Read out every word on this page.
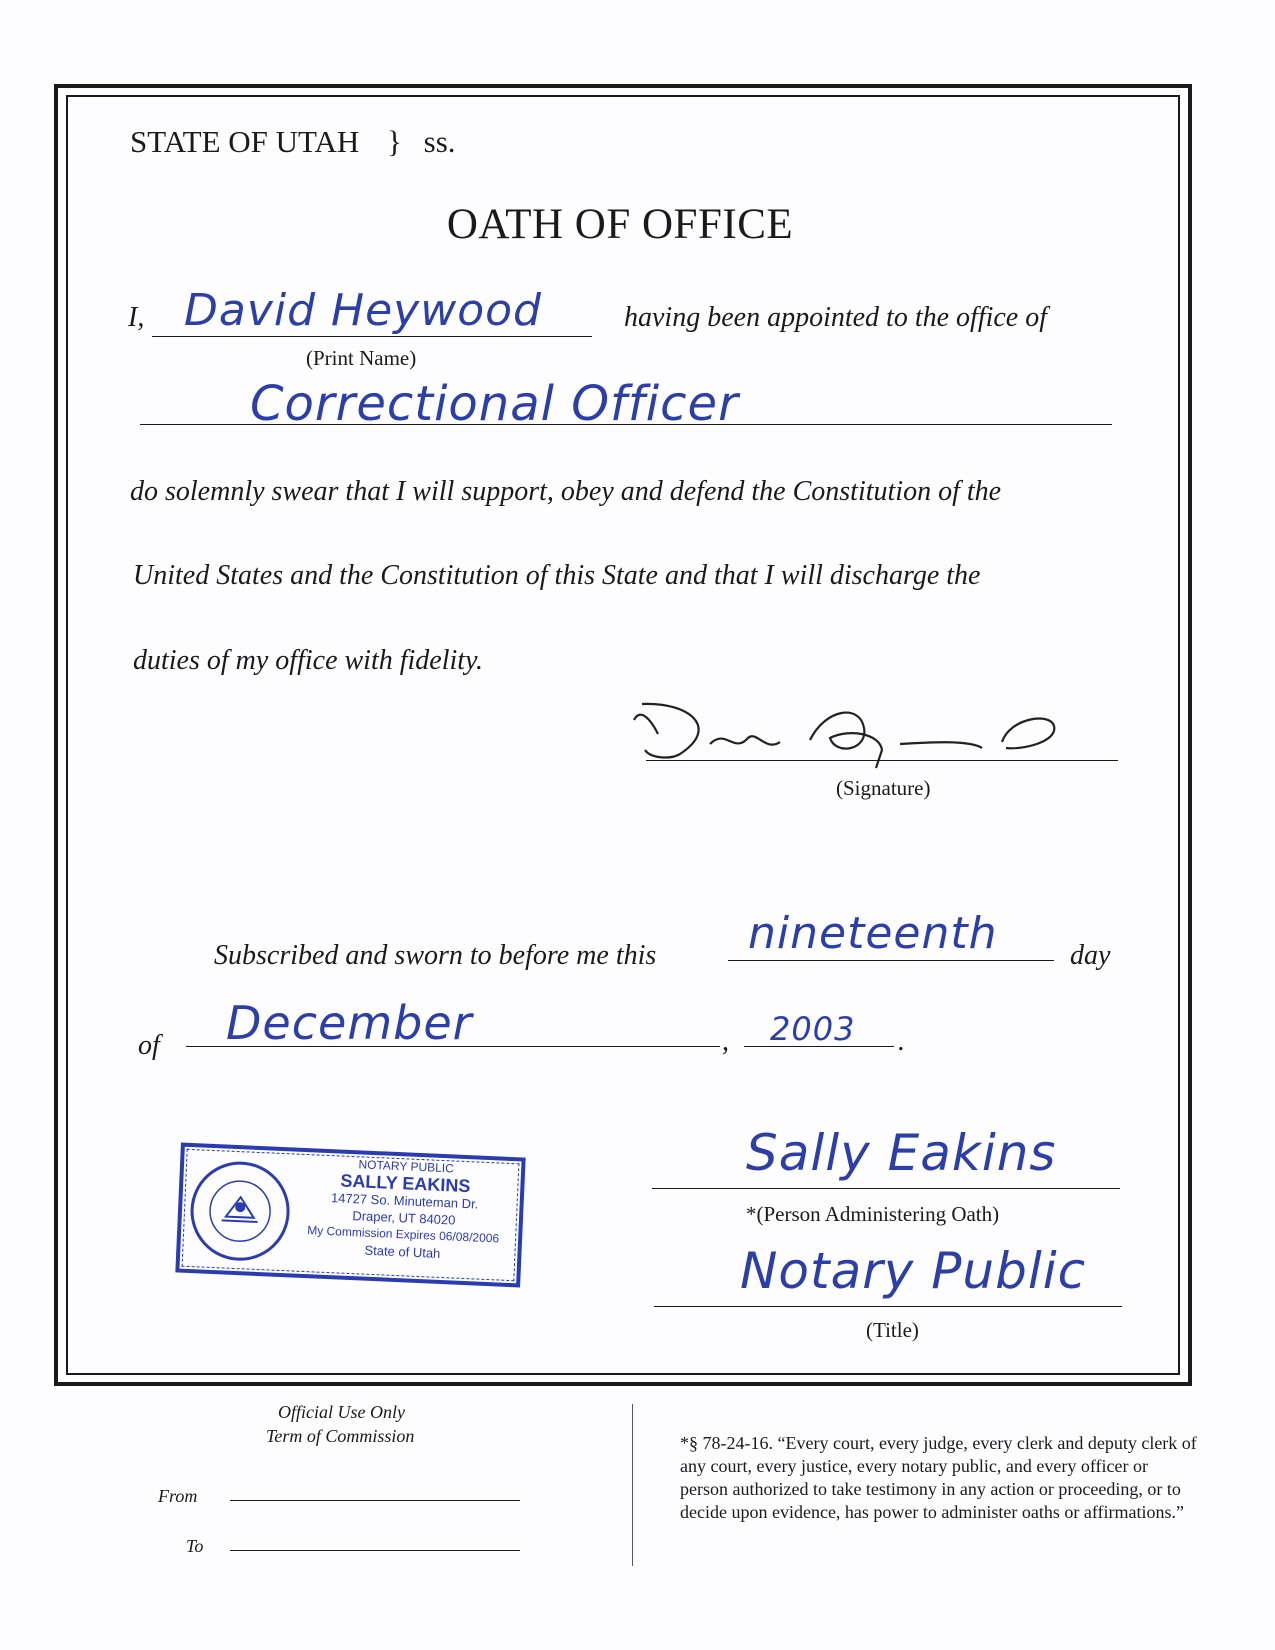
STATE OF UTAH } ss.
OATH OF OFFICE
I, David Heywood	having been appointed to the office of
(Print Name)
Correctional Officer
do solemnly swear that I will support, obey and defend the Constitution of the
United States and the Constitution of this State and that I will discharge the
duties of my office with fidelity.
(Signature)
Subscribed and sworn to before me this nineteenth	day
of December	, 2003 .
Sally Eakins
*(Person Administering Oath)
Notary Public
(Title)
NOTARY PUBLIC
SALLY EAKINS
14727 So. Minuteman Dr.
Draper, UT 84020
My Commission Expires 06/08/2006
State of Utah
Official Use Only
Term of Commission
From
To
*§ 78-24-16. “Every court, every judge, every clerk and deputy clerk of any court, every justice, every notary public, and every officer or person authorized to take testimony in any action or proceeding, or to decide upon evidence, has power to administer oaths or affirmations.”
